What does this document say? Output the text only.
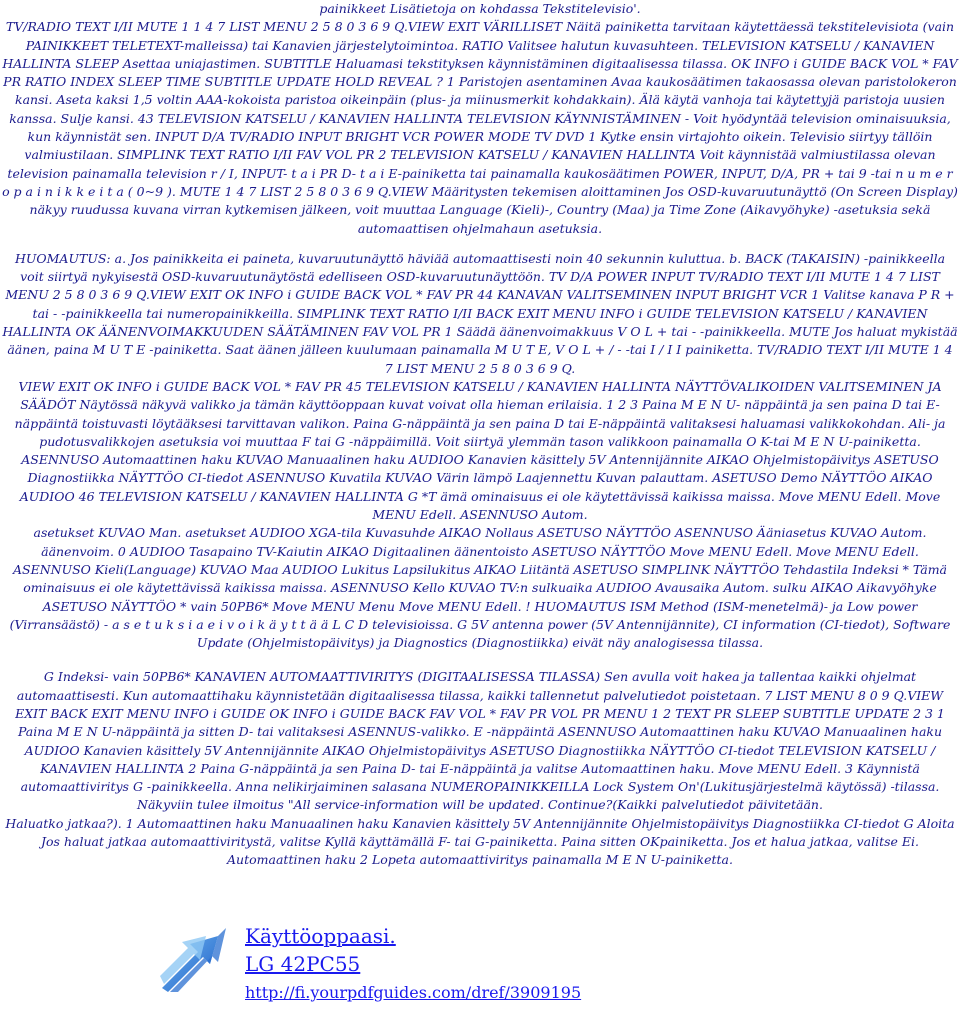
painikkeet Lisätietoja on kohdassa Tekstitelevisio'.

TV/RADIO TEXT I/II MUTE 1 1 4 7 LIST MENU 2 5 8 0 3 6 9 Q.VIEW EXIT VÄRILLISET Näitä painiketta tarvitaan käytettäessä tekstitelevisiota (vain PAINIKKEET TELETEXT-malleissa) tai Kanavien järjestelytoimintoa. RATIO Valitsee halutun kuvasuhteen. TELEVISION KATSELU / KANAVIEN HALLINTA SLEEP Asettaa uniajastimen. SUBTITLE Haluamasi tekstityksen käynnistäminen digitaalisessa tilassa. OK INFO i GUIDE BACK VOL * FAV PR RATIO INDEX SLEEP TIME SUBTITLE UPDATE HOLD REVEAL ? 1 Paristojen asentaminen Avaa kaukosäätimen takaosassa olevan paristolokeron kansi. Aseta kaksi 1,5 voltin AAA-kokoista paristoa oikeinpäin (plus- ja miinusmerkit kohdakkain). Älä käytä vanhoja tai käytettyjä paristoja uusien kanssa. Sulje kansi. 43 TELEVISION KATSELU / KANAVIEN HALLINTA TELEVISION KÄYNNISTÄMINEN - Voit hyödyntää television ominaisuuksia, kun käynnistät sen. INPUT D/A TV/RADIO INPUT BRIGHT VCR POWER MODE TV DVD 1 Kytke ensin virtajohto oikein. Televisio siirtyy tällöin valmiustilaan. SIMPLINK TEXT RATIO I/II FAV VOL PR 2 TELEVISION KATSELU / KANAVIEN HALLINTA Voit käynnistää valmiustilassa olevan television painamalla television r / I, INPUT- t a i PR D- t a i E-painiketta tai painamalla kaukosäätimen POWER, INPUT, D/A, PR + tai 9 -tai n u m e r o p a i n i k k e i t a ( 0~9 ). MUTE 1 4 7 LIST 2 5 8 0 3 6 9 Q.VIEW Määritysten tekemisen aloittaminen Jos OSD-kuvaruutunäyttö (On Screen Display) näkyy ruudussa kuvana virran kytkemisen jälkeen, voit muuttaa Language (Kieli)-, Country (Maa) ja Time Zone (Aikavyöhyke) -asetuksia sekä automaattisen ohjelmahaun asetuksia.

HUOMAUTUS: a. Jos painikkeita ei paineta, kuvaruutunäyttö häviää automaattisesti noin 40 sekunnin kuluttua. b. BACK (TAKAISIN) -painikkeella voit siirtyä nykyisestä OSD-kuvaruutunäytöstä edelliseen OSD-kuvaruutunäyttöön. TV D/A POWER INPUT TV/RADIO TEXT I/II MUTE 1 4 7 LIST MENU 2 5 8 0 3 6 9 Q.VIEW EXIT OK INFO i GUIDE BACK VOL * FAV PR 44 KANAVAN VALITSEMINEN INPUT BRIGHT VCR 1 Valitse kanava P R + tai - -painikkeella tai numeropainikkeilla. SIMPLINK TEXT RATIO I/II BACK EXIT MENU INFO i GUIDE TELEVISION KATSELU / KANAVIEN HALLINTA OK ÄÄNENVOIMAKKUUDEN SÄÄTÄMINEN FAV VOL PR 1 Säädä äänenvoimakkuus V O L + tai - -painikkeella. MUTE Jos haluat mykistää äänen, paina M U T E -painiketta. Saat äänen jälleen kuulumaan painamalla M U T E, V O L + / - -tai I / I I painiketta. TV/RADIO TEXT I/II MUTE 1 4 7 LIST MENU 2 5 8 0 3 6 9 Q.

VIEW EXIT OK INFO i GUIDE BACK VOL * FAV PR 45 TELEVISION KATSELU / KANAVIEN HALLINTA NÄYTTÖVALIKOIDEN VALITSEMINEN JA SÄÄDÖT Näytössä näkyvä valikko ja tämän käyttöoppaan kuvat voivat olla hieman erilaisia. 1 2 3 Paina M E N U- näppäintä ja sen paina D tai E-näppäintä toistuvasti löytääksesi tarvittavan valikon. Paina G-näppäintä ja sen paina D tai E-näppäintä valitaksesi haluamasi valikkokohdan. Ali- ja pudotusvalikkojen asetuksia voi muuttaa F tai G -näppäimillä. Voit siirtyä ylemmän tason valikkoon painamalla O K-tai M E N U-painiketta.

ASENNUSO Automaattinen haku KUVAO Manuaalinen haku AUDIOO Kanavien käsittely 5V Antennijännite AIKAO Ohjelmistopäivitys ASETUSO Diagnostiikka NÄYTTÖO CI-tiedot ASENNUSO Kuvatila KUVAO Värin lämpö Laajennettu Kuvan palauttam. ASETUSO Demo NÄYTTÖO AIKAO AUDIOO 46 TELEVISION KATSELU / KANAVIEN HALLINTA G *T ämä ominaisuus ei ole käytettävissä kaikissa maissa. Move MENU Edell. Move MENU Edell. ASENNUSO Autom.

asetukset KUVAO Man. asetukset AUDIOO XGA-tila Kuvasuhde AIKAO Nollaus ASETUSO NÄYTTÖO ASENNUSO Ääniasetus KUVAO Autom. äänenvoim. 0 AUDIOO Tasapaino TV-Kaiutin AIKAO Digitaalinen äänentoisto ASETUSO NÄYTTÖO Move MENU Edell. Move MENU Edell. ASENNUSO Kieli(Language) KUVAO Maa AUDIOO Lukitus Lapsilukitus AIKAO Liitäntä ASETUSO SIMPLINK NÄYTTÖO Tehdastila Indeksi * Tämä ominaisuus ei ole käytettävissä kaikissa maissa. ASENNUSO Kello KUVAO TV:n sulkuaika AUDIOO Avausaika Autom. sulku AIKAO Aikavyöhyke ASETUSO NÄYTTÖO * vain 50PB6* Move MENU Menu Move MENU Edell. ! HUOMAUTUS ISM Method (ISM-menetelmä)- ja Low power (Virransäästö) - a s e t u k s i a e i v o i k ä y t t ä ä L C D televisioissa. G 5V antenna power (5V Antennijännite), CI information (CI-tiedot), Software Update (Ohjelmistopäivitys) ja Diagnostics (Diagnostiikka) eivät näy analogisessa tilassa.

G Indeksi- vain 50PB6* KANAVIEN AUTOMAATTIVIRITYS (DIGITAALISESSA TILASSA) Sen avulla voit hakea ja tallentaa kaikki ohjelmat automaattisesti. Kun automaattihaku käynnistetään digitaalisessa tilassa, kaikki tallennetut palvelutiedot poistetaan. 7 LIST MENU 8 0 9 Q.VIEW EXIT BACK EXIT MENU INFO i GUIDE OK INFO i GUIDE BACK FAV VOL * FAV PR VOL PR MENU 1 2 TEXT PR SLEEP SUBTITLE UPDATE 2 3 1 Paina M E N U-näppäintä ja sitten D- tai valitaksesi ASENNUS-valikko. E -näppäintä ASENNUSO Automaattinen haku KUVAO Manuaalinen haku AUDIOO Kanavien käsittely 5V Antennijännite AIKAO Ohjelmistopäivitys ASETUSO Diagnostiikka NÄYTTÖO CI-tiedot TELEVISION KATSELU / KANAVIEN HALLINTA 2 Paina G-näppäintä ja sen Paina D- tai E-näppäintä ja valitse Automaattinen haku. Move MENU Edell. 3 Käynnistä automaattiviritys G -painikkeella. Anna nelikirjaiminen salasana NUMEROPAINIKKEILLA Lock System On'(Lukitusjärjestelmä käytössä) -tilassa. Näkyviin tulee ilmoitus "All service-information will be updated. Continue?(Kaikki palvelutiedot päivitetään.

Haluatko jatkaa?). 1 Automaattinen haku Manuaalinen haku Kanavien käsittely 5V Antennijännite Ohjelmistopäivitys Diagnostiikka CI-tiedot G Aloita Jos haluat jatkaa automaattiviritystä, valitse Kyllä käyttämällä F- tai G-painiketta. Paina sitten OKpainiketta. Jos et halua jatkaa, valitse Ei. Automaattinen haku 2 Lopeta automaattiviritys painamalla M E N U-painiketta.

Käyttöoppaasi.
LG 42PC55
http://fi.yourpdfguides.com/dref/3909195
